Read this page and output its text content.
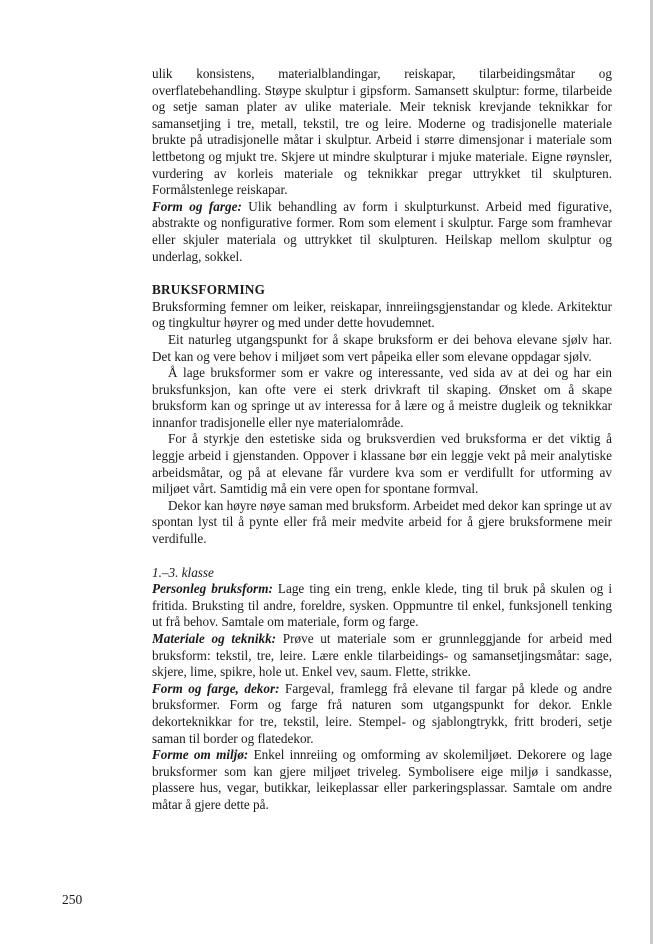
ulik konsistens, materialblandingar, reiskapar, tilarbeidingsmåtar og overflatebehandling. Støype skulptur i gipsform. Samansett skulptur: forme, tilarbeide og setje saman plater av ulike materiale. Meir teknisk krevjande teknikkar for samansetjing i tre, metall, tekstil, tre og leire. Moderne og tradisjonelle materiale brukte på utradisjonelle måtar i skulptur. Arbeid i større dimensjonar i materiale som lettbetong og mjukt tre. Skjere ut mindre skulpturar i mjuke materiale. Eigne røynsler, vurdering av korleis materiale og teknikkar pregar uttrykket til skulpturen. Formålstenlege reiskapar.

Form og farge: Ulik behandling av form i skulpturkunst. Arbeid med figurative, abstrakte og nonfigurative former. Rom som element i skulptur. Farge som framhevar eller skjuler materiala og uttrykket til skulpturen. Heilskap mellom skulptur og underlag, sokkel.

BRUKSFORMING

Bruksforming femner om leiker, reiskapar, innreiingsgjenstandar og klede. Arkitektur og tingkultur høyrer og med under dette hovudemnet.

Eit naturleg utgangspunkt for å skape bruksform er dei behova elevane sjølv har. Det kan og vere behov i miljøet som vert påpeika eller som elevane oppdagar sjølv.

Å lage bruksformer som er vakre og interessante, ved sida av at dei og har ein bruksfunksjon, kan ofte vere ei sterk drivkraft til skaping. Ønsket om å skape bruksform kan og springe ut av interessa for å lære og å meistre dugleik og teknikkar innanfor tradisjonelle eller nye materialområde.

For å styrkje den estetiske sida og bruksverdien ved bruksforma er det viktig å leggje arbeid i gjenstanden. Oppover i klassane bør ein leggje vekt på meir analytiske arbeidsmåtar, og på at elevane får vurdere kva som er verdifullt for utforming av miljøet vårt. Samtidig må ein vere open for spontane formval.

Dekor kan høyre nøye saman med bruksform. Arbeidet med dekor kan springe ut av spontan lyst til å pynte eller frå meir medvite arbeid for å gjere bruksformene meir verdifulle.

1.–3. klasse

Personleg bruksform: Lage ting ein treng, enkle klede, ting til bruk på skulen og i fritida. Bruksting til andre, foreldre, sysken. Oppmuntre til enkel, funksjonell tenking ut frå behov. Samtale om materiale, form og farge.

Materiale og teknikk: Prøve ut materiale som er grunnleggjande for arbeid med bruksform: tekstil, tre, leire. Lære enkle tilarbeidings- og samansetjingsmåtar: sage, skjere, lime, spikre, hole ut. Enkel vev, saum. Flette, strikke.

Form og farge, dekor: Fargeval, framlegg frå elevane til fargar på klede og andre bruksformer. Form og farge frå naturen som utgangspunkt for dekor. Enkle dekorteknikkar for tre, tekstil, leire. Stempel- og sjablongtrykk, fritt broderi, setje saman til border og flatedekor.

Forme om miljø: Enkel innreiing og omforming av skolemiljøet. Dekorere og lage bruksformer som kan gjere miljøet triveleg. Symbolisere eige miljø i sandkasse, plassere hus, vegar, butikkar, leikeplassar eller parkeringsplassar. Samtale om andre måtar å gjere dette på.

250
